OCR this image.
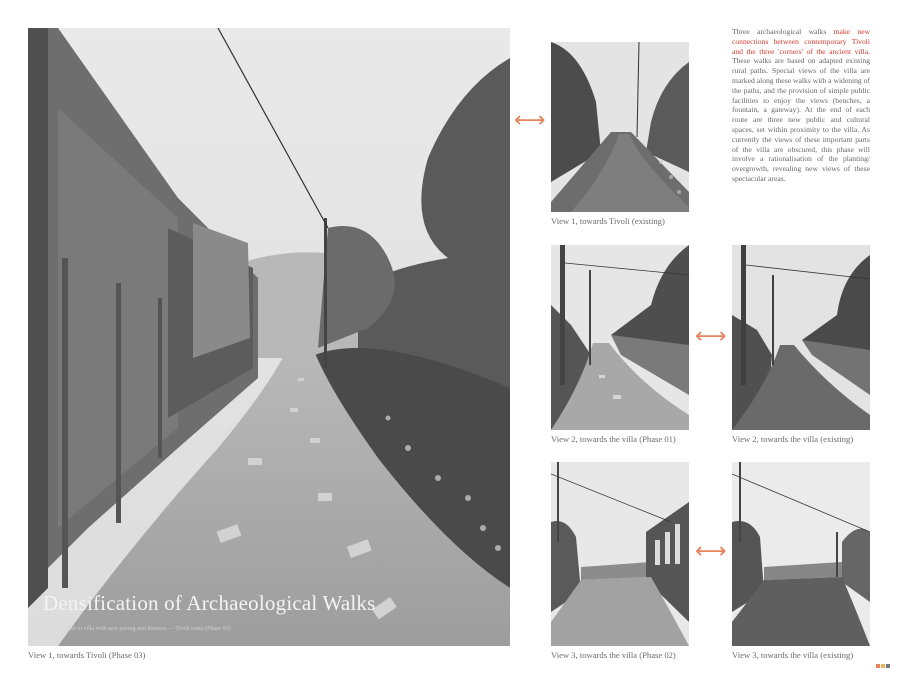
Densification of Archaeological Walks
Existing path to villa with new paving and features — Tivoli route (Phase 03)
View 1, towards Tivoli (Phase 03)
⟷
View 1, towards Tivoli (existing)
Three archaeological walks make new connections between contemporary Tivoli and the three 'corners' of the ancient villa. These walks are based on adapted existing rural paths. Special views of the villa are marked along these walks with a widening of the paths, and the provision of simple public facilities to enjoy the views (benches, a fountain, a gateway). At the end of each route are three new public and cultural spaces, set within proximity to the villa. As currently the views of these important parts of the villa are obscured, this phase will involve a rationalisation of the planting/ overgrowth, revealing new views of these spectacular areas.
View 2, towards the villa (Phase 01)
⟷
View 2, towards the villa (existing)
View 3, towards the villa (Phase 02)
⟷
View 3, towards the villa (existing)
